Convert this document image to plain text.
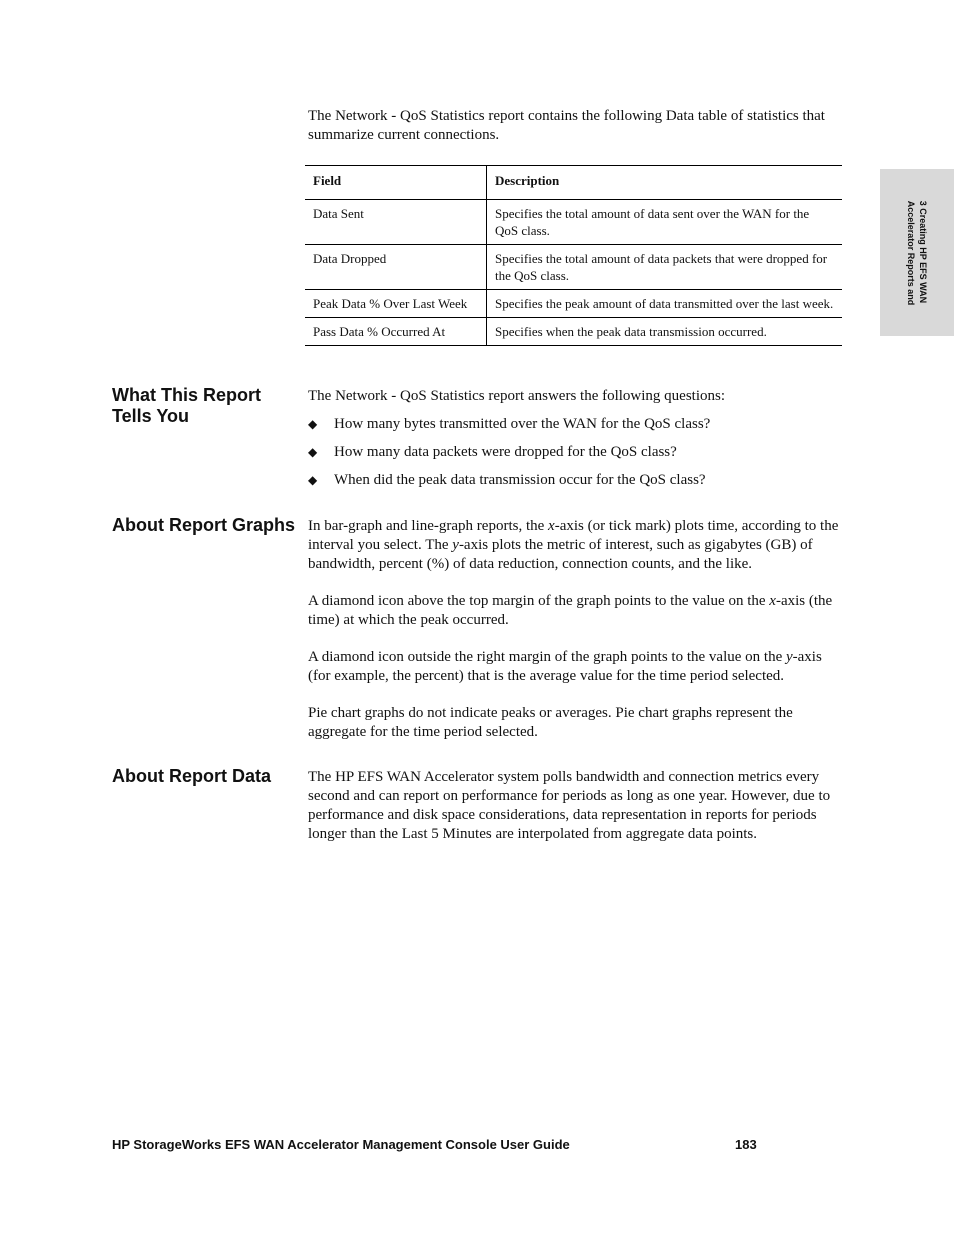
The Network - QoS Statistics report contains the following Data table of statistics that summarize current connections.

Field	Description
Data Sent	Specifies the total amount of data sent over the WAN for the QoS class.
Data Dropped	Specifies the total amount of data packets that were dropped for the QoS class.
Peak Data % Over Last Week	Specifies the peak amount of data transmitted over the last week.
Pass Data % Occurred At	Specifies when the peak data transmission occurred.
What This Report Tells You

The Network - QoS Statistics report answers the following questions:

◆ How many bytes transmitted over the WAN for the QoS class?
◆ How many data packets were dropped for the QoS class?
◆ When did the peak data transmission occur for the QoS class?
About Report Graphs In bar-graph and line-graph reports, the x-axis (or tick mark) plots time, according to the interval you select. The y-axis plots the metric of interest, such as gigabytes (GB) of bandwidth, percent (%) of data reduction, connection counts, and the like.

A diamond icon above the top margin of the graph points to the value on the x-axis (the time) at which the peak occurred.

A diamond icon outside the right margin of the graph points to the value on the y-axis (for example, the percent) that is the average value for the time period selected.

Pie chart graphs do not indicate peaks or averages. Pie chart graphs represent the aggregate for the time period selected.

About Report Data	The HP EFS WAN Accelerator system polls bandwidth and connection metrics every second and can report on performance for periods as long as one year. However, due to performance and disk space considerations, data representation in reports for periods longer than the Last 5 Minutes are interpolated from aggregate data points.

3 Creating HP EFS WAN
Accelerator Reports and
HP StorageWorks EFS WAN Accelerator Management Console User Guide	183
